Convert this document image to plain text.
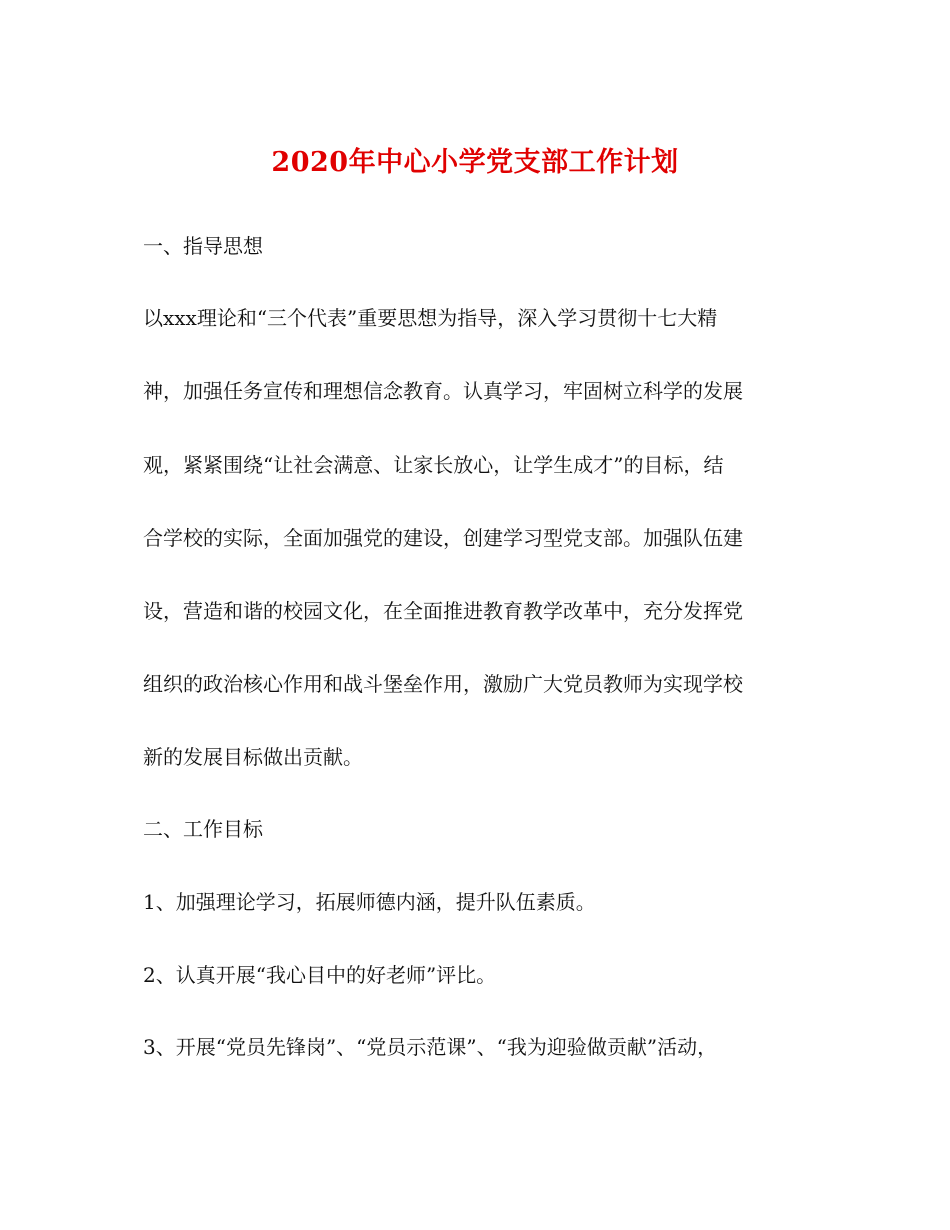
2020年中心小学党支部工作计划
一、指导思想
以xxx理论和“三个代表”重要思想为指导，深入学习贯彻十七大精
神，加强任务宣传和理想信念教育。认真学习，牢固树立科学的发展
观，紧紧围绕“让社会满意、让家长放心，让学生成才”的目标，结
合学校的实际，全面加强党的建设，创建学习型党支部。加强队伍建
设，营造和谐的校园文化，在全面推进教育教学改革中，充分发挥党
组织的政治核心作用和战斗堡垒作用，激励广大党员教师为实现学校
新的发展目标做出贡献。
二、工作目标
1、加强理论学习，拓展师德内涵，提升队伍素质。
2、认真开展“我心目中的好老师”评比。
3、开展“党员先锋岗”、“党员示范课”、“我为迎验做贡献”活动，
